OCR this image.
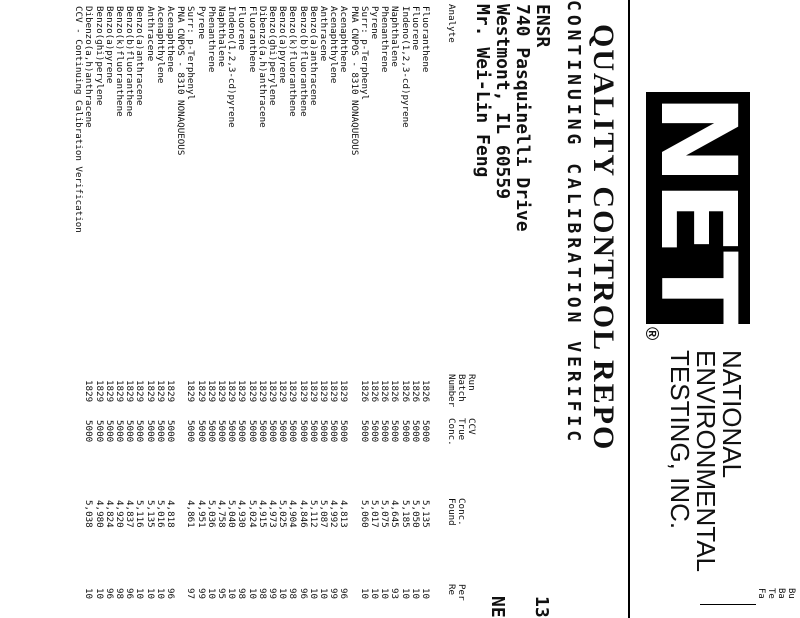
NET
®
NATIONAL
ENVIRONMENTAL
TESTING, INC.
QUALITY CONTROL REPO
CONTINUING CALIBRATION VERIFIC
ENSR
740 Pasquinelli Drive
Westmont, IL 60559
Mr. Wei-Lin Feng
13
NE
Bu
Ba
Te
Fa
Analyte
Run
Batch
Number
CCV
True
Conc.
Conc.
Found
Per
Re
Fluoranthene
1826
5000
5,135
10
Fluorene
1826
5000
5,050
10
Indeno(1,2,3-cd)pyrene
1826
5000
5,185
10
Naphthalene
1826
5000
4,645
93
Phenanthrene
1826
5000
5,075
10
Pyrene
1826
5000
5,017
10
Surr: p-Terphenyl
1826
5000
5,060
10
PNA CNPOS - 8310 NONAQUEOUS
Acenaphthene
1829
5000
4,813
96
Acenaphthylene
1829
5000
4,992
99
Anthracene
1829
5000
5,087
10
Benzo(a)anthracene
1829
5000
5,112
10
Benzo(b)fluoranthene
1829
5000
4,846
96
Benzo(k)fluoranthene
1829
5000
4,904
98
Benzo(a)pyrene
1829
5000
5,025
10
Benzo(ghi)perylene
1829
5000
4,973
99
Dibenzo(a,h)anthracene
1829
5000
4,915
98
Fluoranthene
1829
5000
5,024
10
Fluorene
1829
5000
4,930
98
Indeno(1,2,3-cd)pyrene
1829
5000
5,040
10
Naphthalene
1829
5000
4,758
95
Phenanthrene
1829
5000
5,036
10
Pyrene
1829
5000
4,951
99
Surr: p-Terphenyl
1829
5000
4,861
97
PNA CNPOS - 8310 NONAQUEOUS
Acenaphthene
1829
5000
4,818
96
Acenaphthylene
1829
5000
5,016
10
Anthracene
1829
5000
5,135
10
Benzo(a)anthracene
1829
5000
5,116
10
Benzo(b)fluoranthene
1829
5000
4,837
96
Benzo(k)fluoranthene
1829
5000
4,920
98
Benzo(a)pyrene
1829
5000
4,824
96
Benzo(ghi)perylene
1829
5000
4,980
10
Dibenzo(a,h)anthracene
1829
5000
5,038
10
CCV - Continuing Calibration Verification
